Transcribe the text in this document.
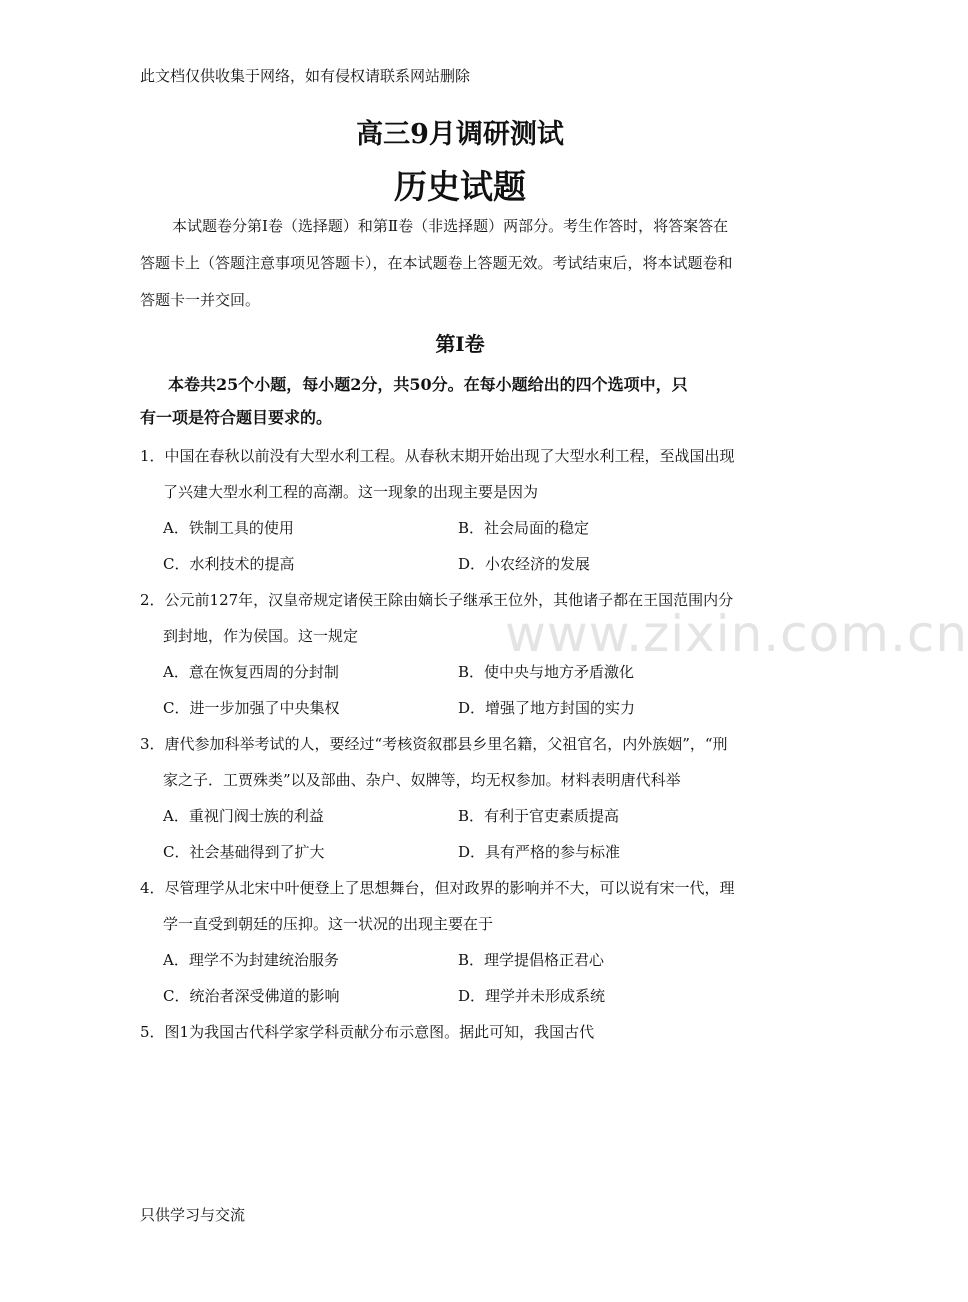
此文档仅供收集于网络，如有侵权请联系网站删除
高三9月调研测试
历史试题
本试题卷分第Ⅰ卷（选择题）和第Ⅱ卷（非选择题）两部分。考生作答时，将答案答在
答题卡上（答题注意事项见答题卡），在本试题卷上答题无效。考试结束后，将本试题卷和
答题卡一并交回。
第Ⅰ卷
本卷共25个小题，每小题2分，共50分。在每小题给出的四个选项中，只
有一项是符合题目要求的。
1．中国在春秋以前没有大型水利工程。从春秋末期开始出现了大型水利工程，至战国出现
了兴建大型水利工程的高潮。这一现象的出现主要是因为
A．铁制工具的使用	B．社会局面的稳定
C．水利技术的提高	D．小农经济的发展
2．公元前127年，汉皇帝规定诸侯王除由嫡长子继承王位外，其他诸子都在王国范围内分
到封地，作为侯国。这一规定
A．意在恢复西周的分封制	B．使中央与地方矛盾激化
C．进一步加强了中央集权	D．增强了地方封国的实力
3．唐代参加科举考试的人，要经过“考核资叙郡县乡里名籍，父祖官名，内外族姻”，“刑
家之子．工贾殊类”以及部曲、杂户、奴牌等，均无权参加。材料表明唐代科举
A．重视门阀士族的利益	B．有利于官吏素质提高
C．社会基础得到了扩大	D．具有严格的参与标准
4．尽管理学从北宋中叶便登上了思想舞台，但对政界的影响并不大，可以说有宋一代，理
学一直受到朝廷的压抑。这一状况的出现主要在于
A．理学不为封建统治服务	B．理学提倡格正君心
C．统治者深受佛道的影响	D．理学并未形成系统
5．图1为我国古代科学家学科贡献分布示意图。据此可知，我国古代
www.zixin.com.cn
只供学习与交流
